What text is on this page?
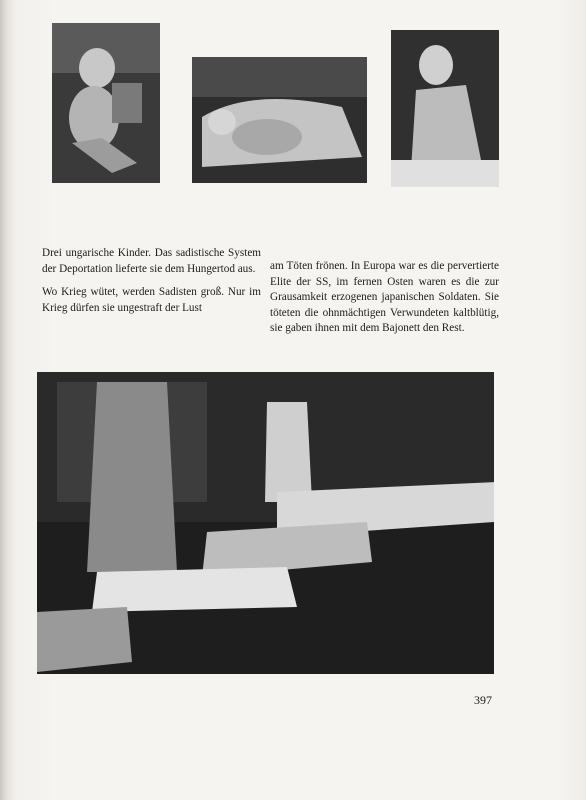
Drei ungarische Kinder. Das sadistische System der Deportation lieferte sie dem Hungertod aus.

Wo Krieg wütet, werden Sadisten groß. Nur im Krieg dürfen sie ungestraft der Lust

am Töten frönen. In Europa war es die pervertierte Elite der SS, im fernen Osten waren es die zur Grausamkeit erzogenen japanischen Soldaten. Sie töteten die ohnmächtigen Verwundeten kaltblütig, sie gaben ihnen mit dem Bajonett den Rest.

397
